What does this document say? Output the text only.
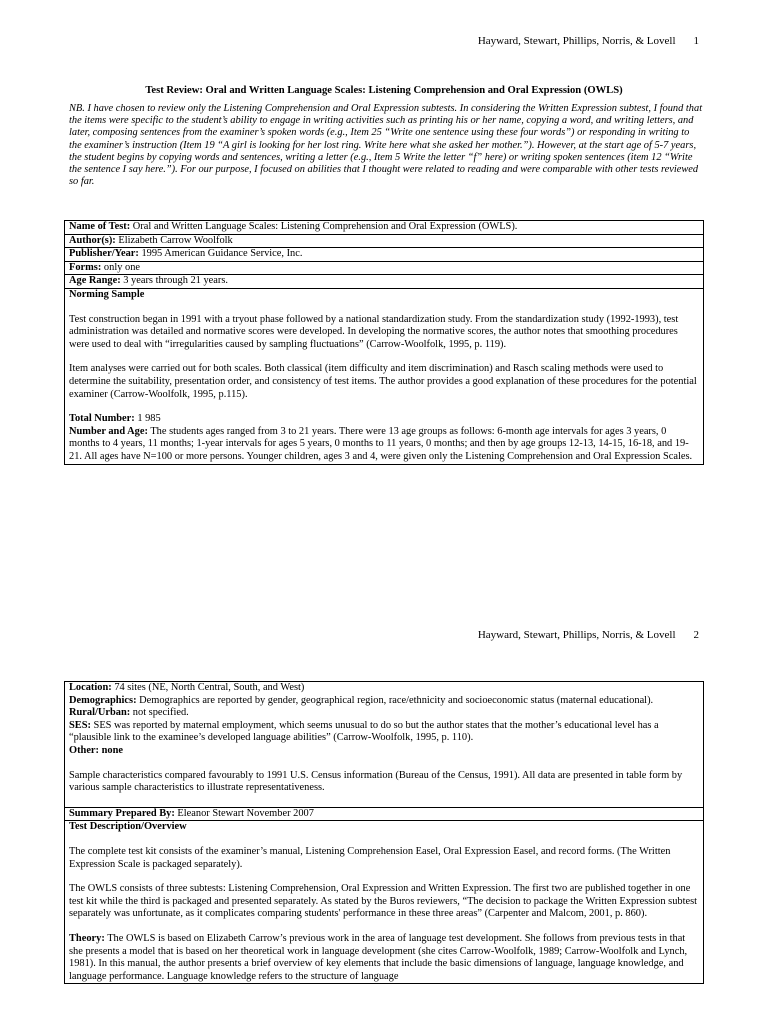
Hayward, Stewart, Phillips, Norris, & Lovell 1
Test Review: Oral and Written Language Scales: Listening Comprehension and Oral Expression (OWLS)
NB. I have chosen to review only the Listening Comprehension and Oral Expression subtests. In considering the Written Expression subtest, I found that the items were specific to the student’s ability to engage in writing activities such as printing his or her name, copying a word, and writing letters, and later, composing sentences from the examiner’s spoken words (e.g., Item 25 “Write one sentence using these four words”) or responding in writing to the examiner’s instruction (Item 19 “A girl is looking for her lost ring. Write here what she asked her mother.”). However, at the start age of 5-7 years, the student begins by copying words and sentences, writing a letter (e.g., Item 5 Write the letter “f” here) or writing spoken sentences (item 12 “Write the sentence I say here.”). For our purpose, I focused on abilities that I thought were related to reading and were comparable with other tests reviewed so far.
Name of Test: Oral and Written Language Scales: Listening Comprehension and Oral Expression (OWLS).
Author(s): Elizabeth Carrow Woolfolk
Publisher/Year: 1995 American Guidance Service, Inc.
Forms: only one
Age Range: 3 years through 21 years.

Norming Sample

Test construction began in 1991 with a tryout phase followed by a national standardization study. From the standardization study (1992-1993), test administration was detailed and normative scores were developed. In developing the normative scores, the author notes that smoothing procedures were used to deal with “irregularities caused by sampling fluctuations” (Carrow-Woolfolk, 1995, p. 119).

Item analyses were carried out for both scales. Both classical (item difficulty and item discrimination) and Rasch scaling methods were used to determine the suitability, presentation order, and consistency of test items. The author provides a good explanation of these procedures for the potential examiner (Carrow-Woolfolk, 1995, p.115).

Total Number: 1 985

Number and Age: The students ages ranged from 3 to 21 years. There were 13 age groups as follows: 6-month age intervals for ages 3 years, 0 months to 4 years, 11 months; 1-year intervals for ages 5 years, 0 months to 11 years, 0 months; and then by age groups 12-13, 14-15, 16-18, and 19-21. All ages have N=100 or more persons. Younger children, ages 3 and 4, were given only the Listening Comprehension and Oral Expression Scales.

Hayward, Stewart, Phillips, Norris, & Lovell 2

Location: 74 sites (NE, North Central, South, and West)

Demographics: Demographics are reported by gender, geographical region, race/ethnicity and socioeconomic status (maternal educational).

Rural/Urban: not specified.

SES: SES was reported by maternal employment, which seems unusual to do so but the author states that the mother’s educational level has a “plausible link to the examinee’s developed language abilities” (Carrow-Woolfolk, 1995, p. 110).

Other: none

Sample characteristics compared favourably to 1991 U.S. Census information (Bureau of the Census, 1991). All data are presented in table form by various sample characteristics to illustrate representativeness.

Summary Prepared By: Eleanor Stewart November 2007

Test Description/Overview

The complete test kit consists of the examiner’s manual, Listening Comprehension Easel, Oral Expression Easel, and record forms. (The Written Expression Scale is packaged separately).

The OWLS consists of three subtests: Listening Comprehension, Oral Expression and Written Expression. The first two are published together in one test kit while the third is packaged and presented separately. As stated by the Buros reviewers, “The decision to package the Written Expression subtest separately was unfortunate, as it complicates comparing students' performance in these three areas” (Carpenter and Malcom, 2001, p. 860).

Theory: The OWLS is based on Elizabeth Carrow’s previous work in the area of language test development. She follows from previous tests in that she presents a model that is based on her theoretical work in language development (she cites Carrow-Woolfolk, 1989; Carrow-Woolfolk and Lynch, 1981). In this manual, the author presents a brief overview of key elements that include the basic dimensions of language, language knowledge, and language performance. Language knowledge refers to the structure of language
